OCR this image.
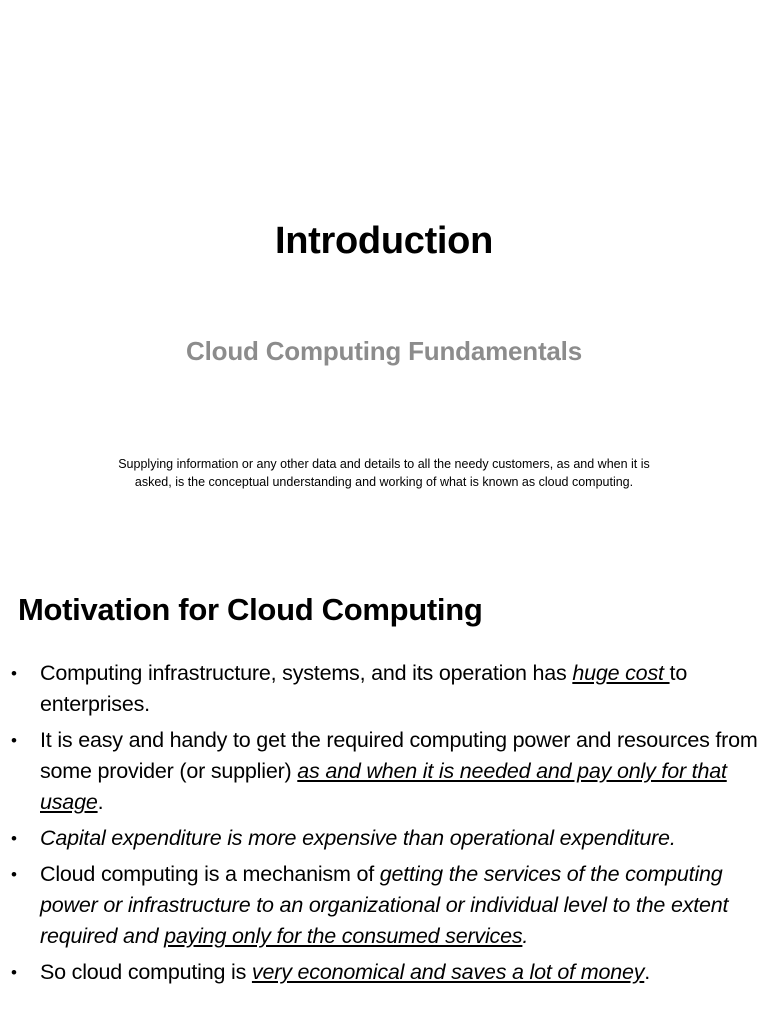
Introduction
Cloud Computing Fundamentals
Supplying information or any other data and details to all the needy customers, as and when it is asked, is the conceptual understanding and working of what is known as cloud computing.
Motivation for Cloud Computing
• Computing infrastructure, systems, and its operation has huge cost to enterprises.
• It is easy and handy to get the required computing power and resources from some provider (or supplier) as and when it is needed and pay only for that usage.
• Capital expenditure is more expensive than operational expenditure.
• Cloud computing is a mechanism of getting the services of the computing power or infrastructure to an organizational or individual level to the extent required and paying only for the consumed services.
• So cloud computing is very economical and saves a lot of money.
